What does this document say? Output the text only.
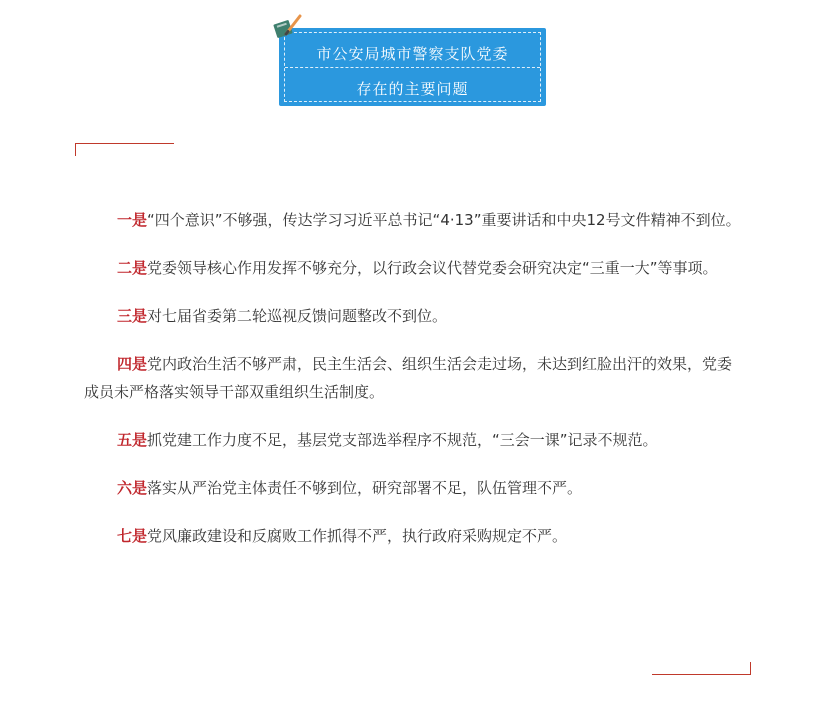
市公安局城市警察支队党委
存在的主要问题

一是“四个意识”不够强，传达学习习近平总书记“4·13”重要讲话和中央12号文件精神不到位。

二是党委领导核心作用发挥不够充分，以行政会议代替党委会研究决定“三重一大”等事项。

三是对七届省委第二轮巡视反馈问题整改不到位。

四是党内政治生活不够严肃，民主生活会、组织生活会走过场，未达到红脸出汗的效果，党委成员未严格落实领导干部双重组织生活制度。

五是抓党建工作力度不足，基层党支部选举程序不规范，“三会一课”记录不规范。

六是落实从严治党主体责任不够到位，研究部署不足，队伍管理不严。

七是党风廉政建设和反腐败工作抓得不严，执行政府采购规定不严。
